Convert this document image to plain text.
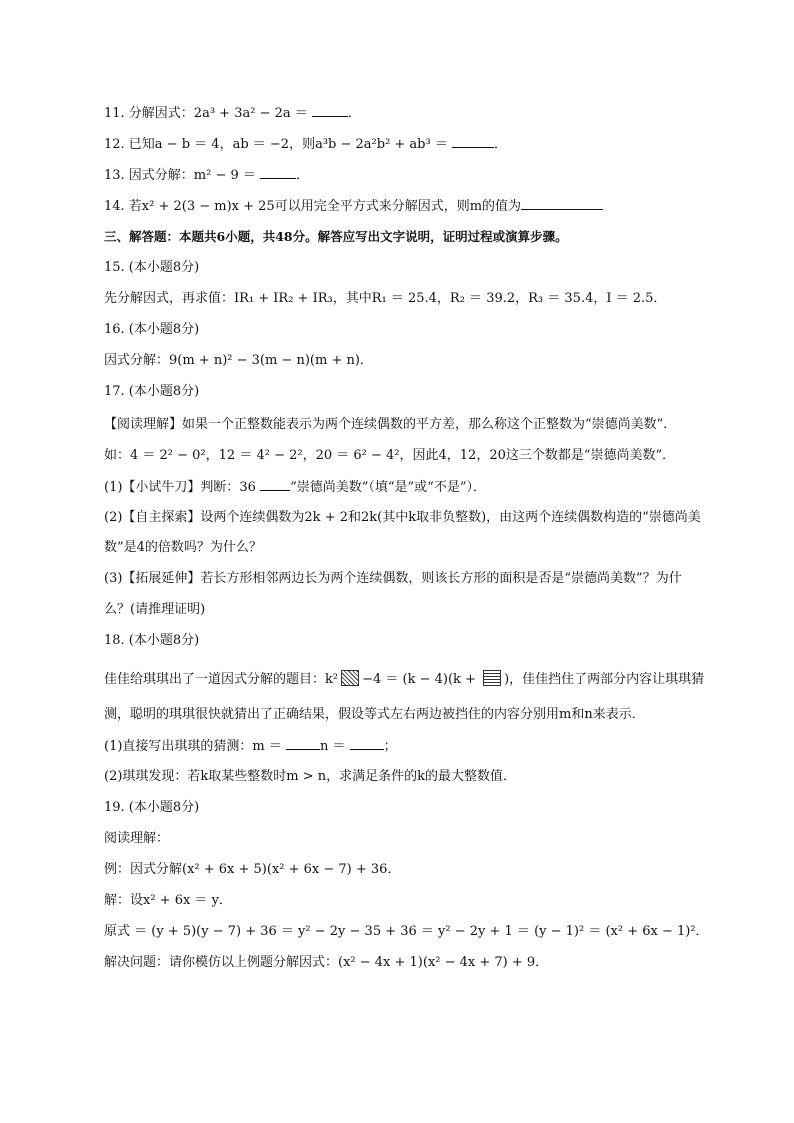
11. 分解因式：2a³ + 3a² − 2a ＝	．
12. 已知a − b ＝ 4，ab ＝ −2，则a³b − 2a²b² + ab³ ＝	．
13. 因式分解：m² − 9 ＝	．
14. 若x² + 2(3 − m)x + 25可以用完全平方式来分解因式，则m的值为
三、解答题：本题共6小题，共48分。解答应写出文字说明，证明过程或演算步骤。
15. (本小题8分)
先分解因式，再求值：IR₁ + IR₂ + IR₃，其中R₁ ＝ 25.4，R₂ ＝ 39.2，R₃ ＝ 35.4，I ＝ 2.5．
16. (本小题8分)
因式分解：9(m + n)² − 3(m − n)(m + n)．
17. (本小题8分)
【阅读理解】如果一个正整数能表示为两个连续偶数的平方差，那么称这个正整数为“崇德尚美数”．
如：4 ＝ 2² − 0²，12 ＝ 4² − 2²，20 ＝ 6² − 4²，因此4，12，20这三个数都是“崇德尚美数”．
(1)【小试牛刀】判断：36 “崇德尚美数”（填“是”或“不是”）．
(2)【自主探索】设两个连续偶数为2k + 2和2k(其中k取非负整数)，由这两个连续偶数构造的“崇德尚美
数”是4的倍数吗？为什么？
(3)【拓展延伸】若长方形相邻两边长为两个连续偶数，则该长方形的面积是否是“崇德尚美数”？为什
么？(请推理证明)
18. (本小题8分)
佳佳给琪琪出了一道因式分解的题目：k² −4 ＝ (k − 4)(k + )，佳佳挡住了两部分内容让琪琪猜
测，聪明的琪琪很快就猜出了正确结果，假设等式左右两边被挡住的内容分别用m和n来表示．
(1)直接写出琪琪的猜测：m ＝	n ＝	；
(2)琪琪发现：若k取某些整数时m > n，求满足条件的k的最大整数值．
19. (本小题8分)
阅读理解：
例：因式分解(x² + 6x + 5)(x² + 6x − 7) + 36．
解：设x² + 6x ＝ y．
原式 ＝ (y + 5)(y − 7) + 36 ＝ y² − 2y − 35 + 36 ＝ y² − 2y + 1 ＝ (y − 1)² ＝ (x² + 6x − 1)²．
解决问题：请你模仿以上例题分解因式：(x² − 4x + 1)(x² − 4x + 7) + 9．
